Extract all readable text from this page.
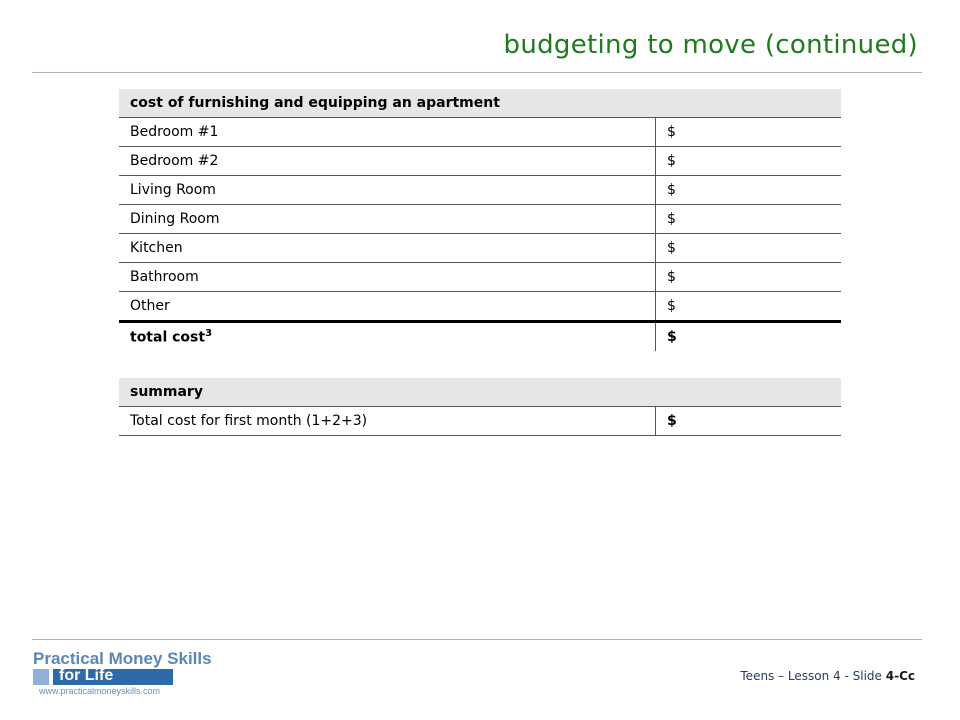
budgeting to move (continued)
cost of furnishing and equipping an apartment	
Bedroom #1	$
Bedroom #2	$
Living Room	$
Dining Room	$
Kitchen	$
Bathroom	$
Other	$
total cost$^3$	$
summary
Total cost for first month (1+2+3)	$
Practical Money Skills
for Life
www.practicalmoneyskills.com
Teens – Lesson 4 - Slide 4-Cc
